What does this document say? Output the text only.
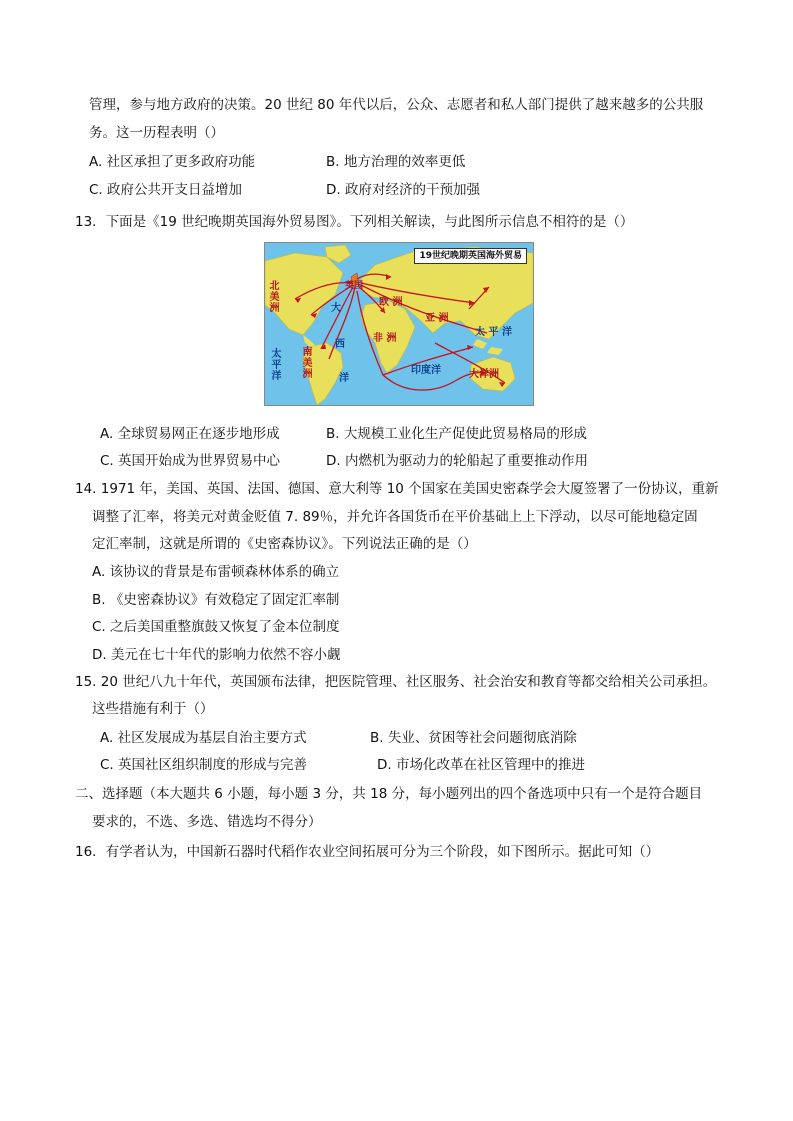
管理，参与地方政府的决策。20 世纪 80 年代以后，公众、志愿者和私人部门提供了越来越多的公共服
务。这一历程表明（）
A. 社区承担了更多政府功能	B. 地方治理的效率更低
C. 政府公共开支日益增加	D. 政府对经济的干预加强
13．下面是《19 世纪晚期英国海外贸易图》。下列相关解读，与此图所示信息不相符的是（）
19世纪晚期英国海外贸易
北美洲
英国
欧 洲
亚 洲
非 洲
南美洲	大洋洲
太平洋
太 平 洋
大
西
洋
印度洋
A. 全球贸易网正在逐步地形成	B. 大规模工业化生产促使此贸易格局的形成
C. 英国开始成为世界贸易中心	D. 内燃机为驱动力的轮船起了重要推动作用
14. 1971 年，美国、英国、法国、德国、意大利等 10 个国家在美国史密森学会大厦签署了一份协议，重新
调整了汇率，将美元对黄金贬值 7. 89％，并允许各国货币在平价基础上上下浮动，以尽可能地稳定固
定汇率制，这就是所谓的《史密森协议》。下列说法正确的是（）
A. 该协议的背景是布雷顿森林体系的确立
B. 《史密森协议》有效稳定了固定汇率制
C. 之后美国重整旗鼓又恢复了金本位制度
D. 美元在七十年代的影响力依然不容小觑
15. 20 世纪八九十年代，英国颁布法律，把医院管理、社区服务、社会治安和教育等都交给相关公司承担。
这些措施有利于（）
A. 社区发展成为基层自治主要方式	B. 失业、贫困等社会问题彻底消除
C. 英国社区组织制度的形成与完善	D. 市场化改革在社区管理中的推进
二、选择题（本大题共 6 小题，每小题 3 分，共 18 分，每小题列出的四个备选项中只有一个是符合题目
要求的，不选、多选、错选均不得分）
16．有学者认为，中国新石器时代稻作农业空间拓展可分为三个阶段，如下图所示。据此可知（）
